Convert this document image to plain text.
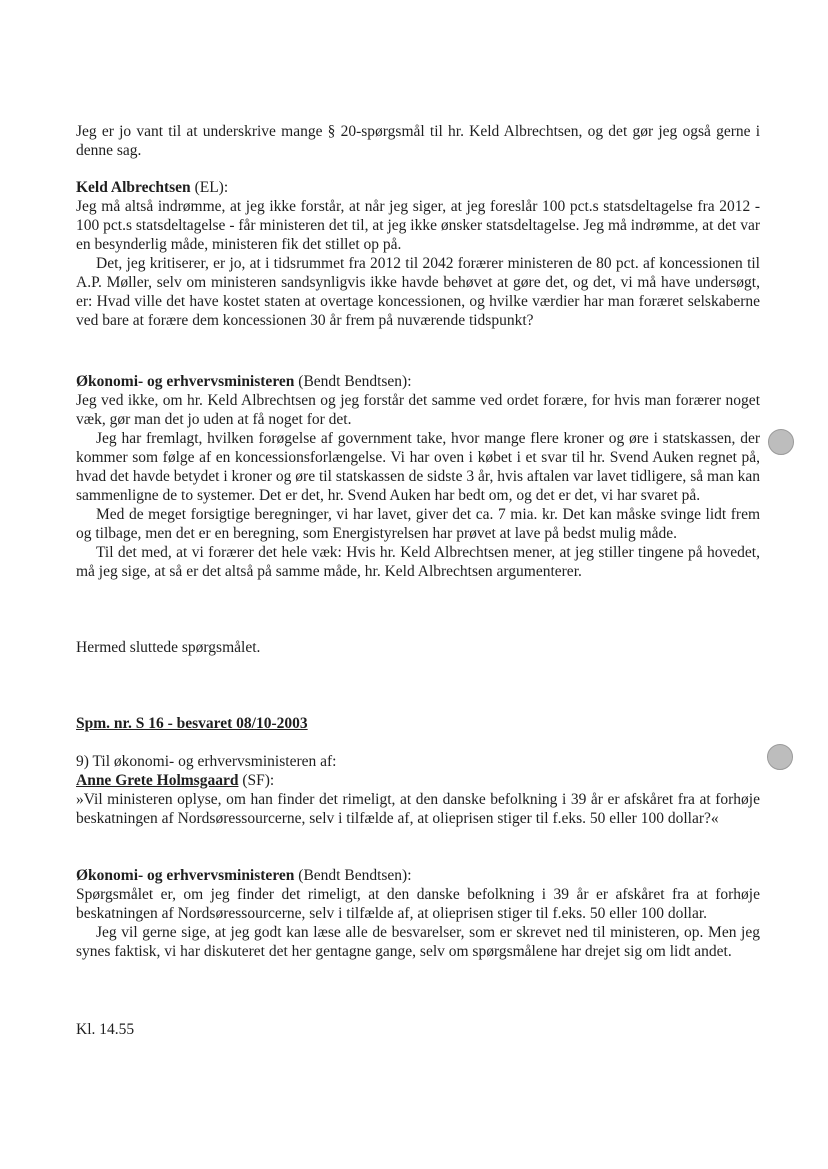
Jeg er jo vant til at underskrive mange § 20-spørgsmål til hr. Keld Albrechtsen, og det gør jeg også gerne i denne sag.

Keld Albrechtsen (EL):

Jeg må altså indrømme, at jeg ikke forstår, at når jeg siger, at jeg foreslår 100 pct.s statsdeltagelse fra 2012 - 100 pct.s statsdeltagelse - får ministeren det til, at jeg ikke ønsker statsdeltagelse. Jeg må indrømme, at det var en besynderlig måde, ministeren fik det stillet op på.

Det, jeg kritiserer, er jo, at i tidsrummet fra 2012 til 2042 forærer ministeren de 80 pct. af koncessionen til A.P. Møller, selv om ministeren sandsynligvis ikke havde behøvet at gøre det, og det, vi må have undersøgt, er: Hvad ville det have kostet staten at overtage koncessionen, og hvilke værdier har man foræret selskaberne ved bare at forære dem koncessionen 30 år frem på nuværende tidspunkt?

Økonomi- og erhvervsministeren (Bendt Bendtsen):

Jeg ved ikke, om hr. Keld Albrechtsen og jeg forstår det samme ved ordet forære, for hvis man forærer noget væk, gør man det jo uden at få noget for det.

Jeg har fremlagt, hvilken forøgelse af government take, hvor mange flere kroner og øre i statskassen, der kommer som følge af en koncessionsforlængelse. Vi har oven i købet i et svar til hr. Svend Auken regnet på, hvad det havde betydet i kroner og øre til statskassen de sidste 3 år, hvis aftalen var lavet tidligere, så man kan sammenligne de to systemer. Det er det, hr. Svend Auken har bedt om, og det er det, vi har svaret på.

Med de meget forsigtige beregninger, vi har lavet, giver det ca. 7 mia. kr. Det kan måske svinge lidt frem og tilbage, men det er en beregning, som Energistyrelsen har prøvet at lave på bedst mulig måde.

Til det med, at vi forærer det hele væk: Hvis hr. Keld Albrechtsen mener, at jeg stiller tingene på hovedet, må jeg sige, at så er det altså på samme måde, hr. Keld Albrechtsen argumenterer.

Hermed sluttede spørgsmålet.

Spm. nr. S 16 - besvaret 08/10-2003

9) Til økonomi- og erhvervsministeren af:

Anne Grete Holmsgaard (SF):

»Vil ministeren oplyse, om han finder det rimeligt, at den danske befolkning i 39 år er afskåret fra at forhøje beskatningen af Nordsøressourcerne, selv i tilfælde af, at olieprisen stiger til f.eks. 50 eller 100 dollar?«

Økonomi- og erhvervsministeren (Bendt Bendtsen):

Spørgsmålet er, om jeg finder det rimeligt, at den danske befolkning i 39 år er afskåret fra at forhøje beskatningen af Nordsøressourcerne, selv i tilfælde af, at olieprisen stiger til f.eks. 50 eller 100 dollar.

Jeg vil gerne sige, at jeg godt kan læse alle de besvarelser, som er skrevet ned til ministeren, op. Men jeg synes faktisk, vi har diskuteret det her gentagne gange, selv om spørgsmålene har drejet sig om lidt andet.

Kl. 14.55
